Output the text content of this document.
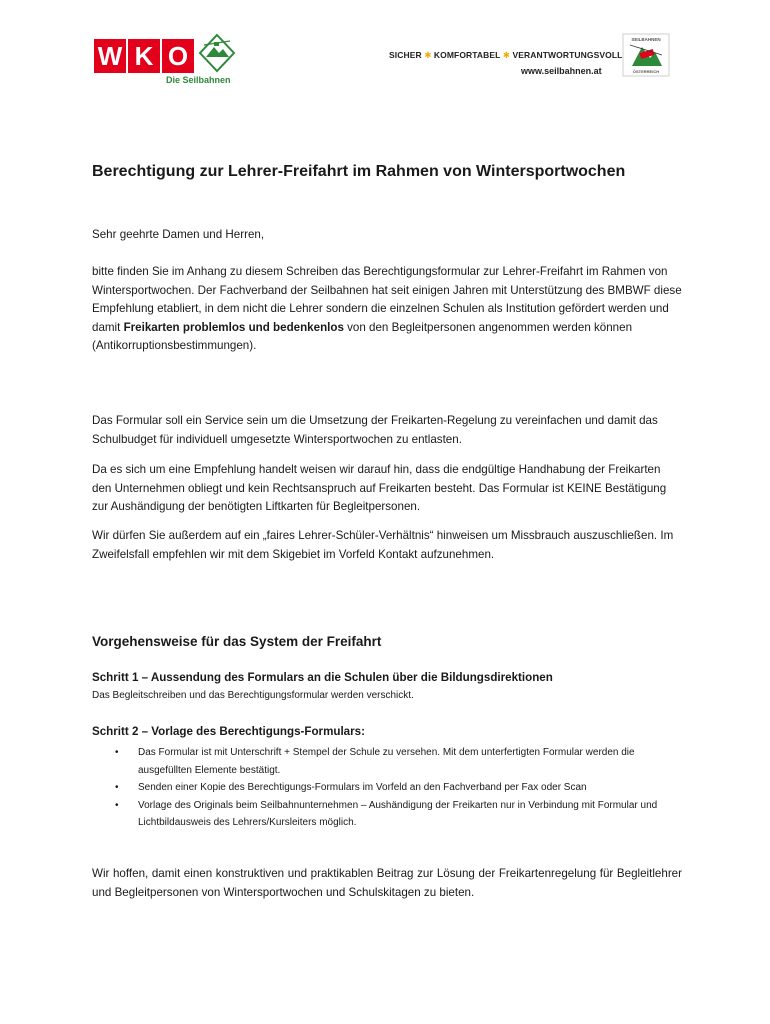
W K O
Die Seilbahnen
SICHER ✱ KOMFORTABEL ✱ VERANTWORTUNGSVOLL
www.seilbahnen.at
SEILBAHNEN
ÖSTERREICH
Berechtigung zur Lehrer-Freifahrt im Rahmen von Wintersportwochen
Sehr geehrte Damen und Herren,
bitte finden Sie im Anhang zu diesem Schreiben das Berechtigungsformular zur Lehrer-Freifahrt im Rahmen von Wintersportwochen. Der Fachverband der Seilbahnen hat seit einigen Jahren mit Unterstützung des BMBWF diese Empfehlung etabliert, in dem nicht die Lehrer sondern die einzelnen Schulen als Institution gefördert werden und damit Freikarten problemlos und bedenkenlos von den Begleitpersonen angenommen werden können (Antikorruptionsbestimmungen).
Das Formular soll ein Service sein um die Umsetzung der Freikarten-Regelung zu vereinfachen und damit das Schulbudget für individuell umgesetzte Wintersportwochen zu entlasten.
Da es sich um eine Empfehlung handelt weisen wir darauf hin, dass die endgültige Handhabung der Freikarten den Unternehmen obliegt und kein Rechtsanspruch auf Freikarten besteht. Das Formular ist KEINE Bestätigung zur Aushändigung der benötigten Liftkarten für Begleitpersonen.
Wir dürfen Sie außerdem auf ein „faires Lehrer-Schüler-Verhältnis“ hinweisen um Missbrauch auszuschließen. Im Zweifelsfall empfehlen wir mit dem Skigebiet im Vorfeld Kontakt aufzunehmen.
Vorgehensweise für das System der Freifahrt
Schritt 1 – Aussendung des Formulars an die Schulen über die Bildungsdirektionen
Das Begleitschreiben und das Berechtigungsformular werden verschickt.
Schritt 2 – Vorlage des Berechtigungs-Formulars:
• Das Formular ist mit Unterschrift + Stempel der Schule zu versehen. Mit dem unterfertigten Formular werden die ausgefüllten Elemente bestätigt.
• Senden einer Kopie des Berechtigungs-Formulars im Vorfeld an den Fachverband per Fax oder Scan
• Vorlage des Originals beim Seilbahnunternehmen – Aushändigung der Freikarten nur in Verbindung mit Formular und Lichtbildausweis des Lehrers/Kursleiters möglich.
Wir hoffen, damit einen konstruktiven und praktikablen Beitrag zur Lösung der Freikartenregelung für Begleitlehrer und Begleitpersonen von Wintersportwochen und Schulskitagen zu bieten.
